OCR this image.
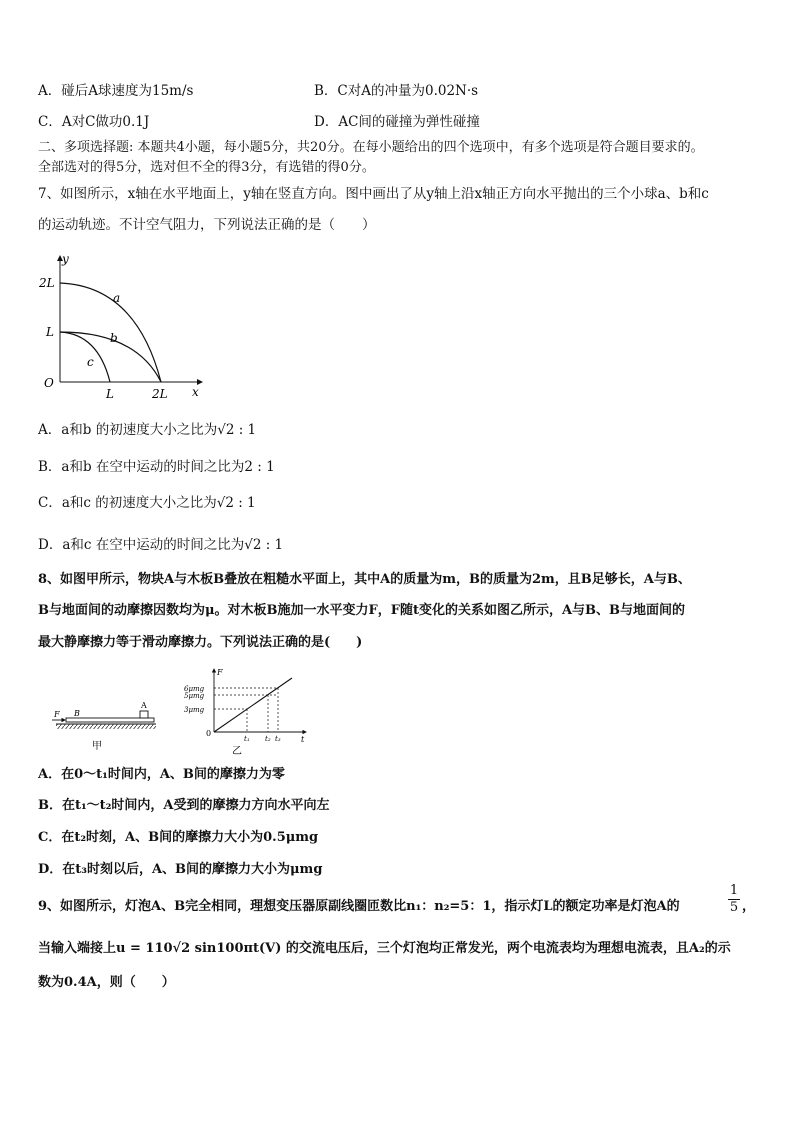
A．碰后A球速度为15m/s	B．C对A的冲量为0.02N·s
C．A对C做功0.1J	D．AC间的碰撞为弹性碰撞
二、多项选择题: 本题共4小题，每小题5分，共20分。在每小题给出的四个选项中，有多个选项是符合题目要求的。
全部选对的得5分，选对但不全的得3分，有选错的得0分。
7、如图所示，x轴在水平地面上，y轴在竖直方向。图中画出了从y轴上沿x轴正方向水平抛出的三个小球a、b和c
的运动轨迹。不计空气阻力，下列说法正确的是（　　）
y
x
O
2L
L
L	2L
a
b
c
A．a和b 的初速度大小之比为√2 : 1
B．a和b 在空中运动的时间之比为2 : 1
C．a和c 的初速度大小之比为√2 : 1
D．a和c 在空中运动的时间之比为√2 : 1
8、如图甲所示，物块A与木板B叠放在粗糙水平面上，其中A的质量为m，B的质量为2m，且B足够长，A与B、
B与地面间的动摩擦因数均为μ。对木板B施加一水平变力F，F随t变化的关系如图乙所示，A与B、B与地面间的
最大静摩擦力等于滑动摩擦力。下列说法正确的是(　　)
F B
A
甲
F
t
0
6μmg
5μmg
3μmg
t₁ t₂ t₃
乙
A．在0～t₁时间内，A、B间的摩擦力为零
B．在t₁～t₂时间内，A受到的摩擦力方向水平向左
C．在t₂时刻，A、B间的摩擦力大小为0.5μmg
D．在t₃时刻以后，A、B间的摩擦力大小为μmg
9、如图所示，灯泡A、B完全相同，理想变压器原副线圈匝数比n₁：n₂=5：1，指示灯L的额定功率是灯泡A的
1
5 ，
当输入端接上u = 110√2 sin100πt(V) 的交流电压后，三个灯泡均正常发光，两个电流表均为理想电流表，且A₂的示
数为0.4A，则（　　）
